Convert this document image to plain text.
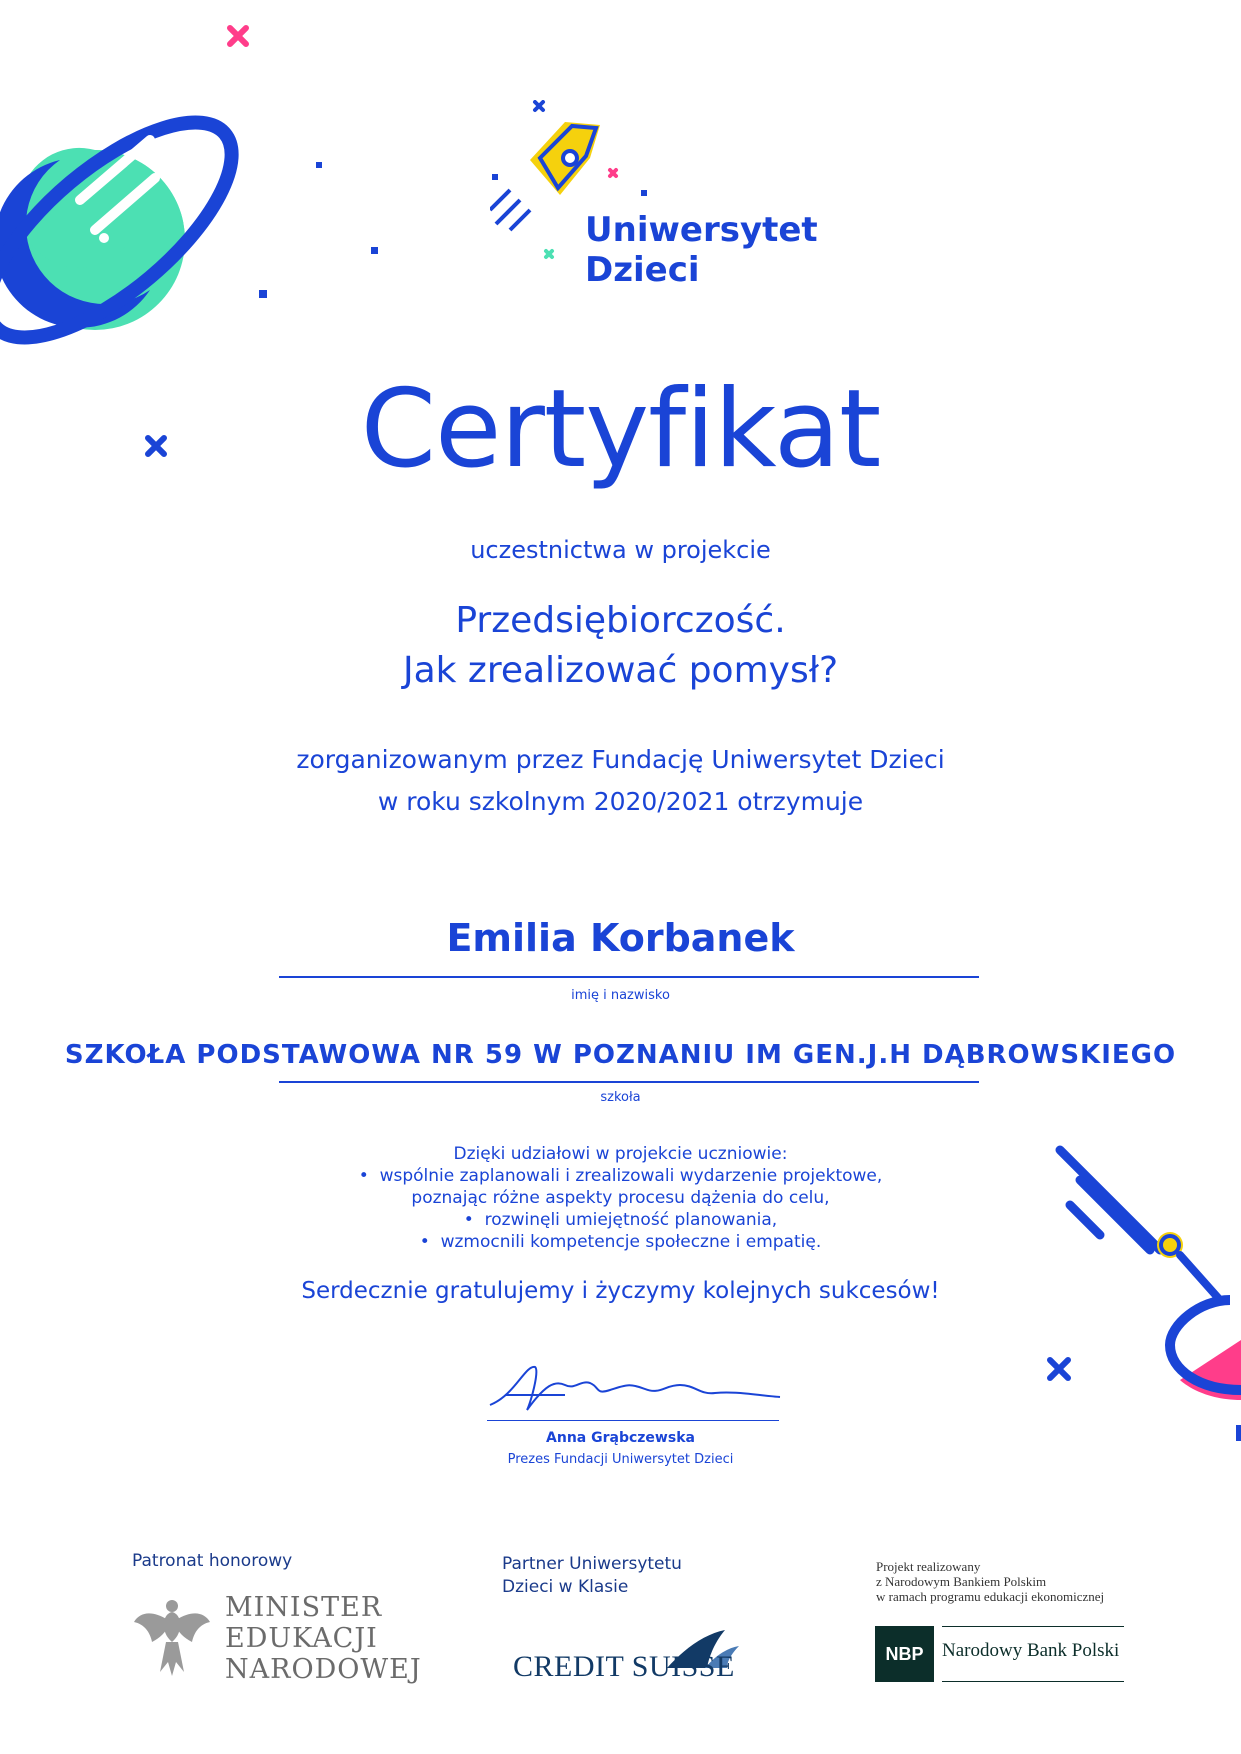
Uniwersytet
Dzieci
Certyfikat
uczestnictwa w projekcie
Przedsiębiorczość.
Jak zrealizować pomysł?
zorganizowanym przez Fundację Uniwersytet Dzieci
w roku szkolnym 2020/2021 otrzymuje
Emilia Korbanek
imię i nazwisko
SZKOŁA PODSTAWOWA NR 59 W POZNANIU IM GEN.J.H DĄBROWSKIEGO
szkoła
Dzięki udziałowi w projekcie uczniowie:
• wspólnie zaplanowali i zrealizowali wydarzenie projektowe,
poznając różne aspekty procesu dążenia do celu,
• rozwinęli umiejętność planowania,
• wzmocnili kompetencje społeczne i empatię.
Serdecznie gratulujemy i życzymy kolejnych sukcesów!
Anna Grąbczewska
Prezes Fundacji Uniwersytet Dzieci
Patronat honorowy
MINISTER
EDUKACJI
NARODOWEJ
Partner Uniwersytetu
Dzieci w Klasie
CREDIT SUISSE
Projekt realizowany
z Narodowym Bankiem Polskim
w ramach programu edukacji ekonomicznej
NBP Narodowy Bank Polski
